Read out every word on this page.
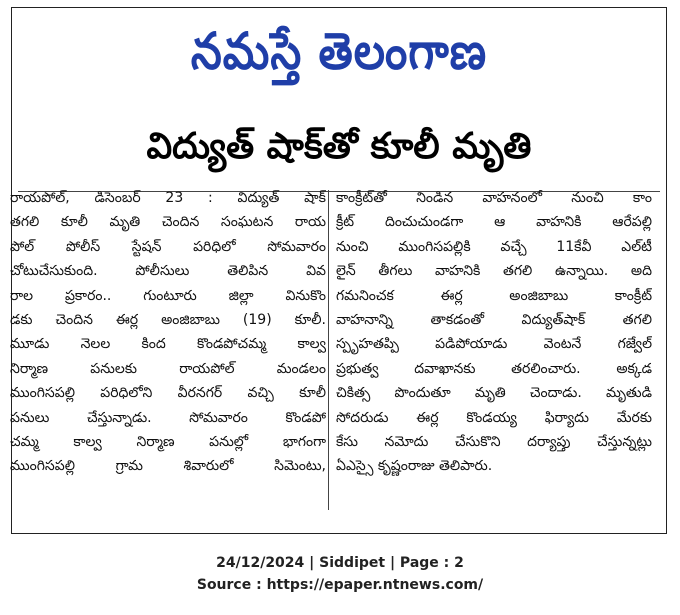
నమస్తే తెలంగాణ
విద్యుత్ షాక్‌తో కూలీ మృతి
రాయపోల్, డిసెంబర్ 23 : విద్యుత్ షాక్
తగలి కూలీ మృతి చెందిన సంఘటన రాయ
పోల్ పోలీస్ స్టేషన్ పరిధిలో సోమవారం
చోటుచేసుకుంది. పోలీసులు తెలిపిన వివ
రాల ప్రకారం.. గుంటూరు జిల్లా వినుకొం
డకు చెందిన ఈర్ల అంజిబాబు (19) కూలీ.
మూడు నెలల కింద కొండపోచమ్మ కాల్వ
నిర్మాణ పనులకు రాయపోల్ మండలం
ముంగిసపల్లి పరిధిలోని వీరనగర్ వచ్చి కూలీ
పనులు చేస్తున్నాడు. సోమవారం కొండపో
చమ్మ కాల్వ నిర్మాణ పనుల్లో భాగంగా
ముంగిసపల్లి గ్రామ శివారులో సిమెంటు,
కాంక్రీట్‌తో నిండిన వాహనంలో నుంచి కాం
క్రీట్ దించుచుండగా ఆ వాహనికి ఆరేపల్లి
నుంచి ముంగిసపల్లికి వచ్చే 11కేవీ ఎల్‌టీ
లైన్ తీగలు వాహనికి తగలి ఉన్నాయి. అది
గమనించక ఈర్ల అంజిబాబు కాంక్రీట్
వాహనాన్ని తాకడంతో విద్యుత్‌షాక్ తగలి
స్పృహతప్పి పడిపోయాడు వెంటనే గజ్వేల్
ప్రభుత్వ దవాఖానకు తరలించారు. అక్కడ
చికిత్స పొందుతూ మృతి చెందాడు. మృతుడి
సోదరుడు ఈర్ల కొండయ్య ఫిర్యాదు మేరకు
కేసు నమోదు చేసుకొని దర్యాప్తు చేస్తున్నట్లు
ఏఎస్సై కృష్ణంరాజు తెలిపారు.
24/12/2024 | Siddipet | Page : 2
Source : https://epaper.ntnews.com/
